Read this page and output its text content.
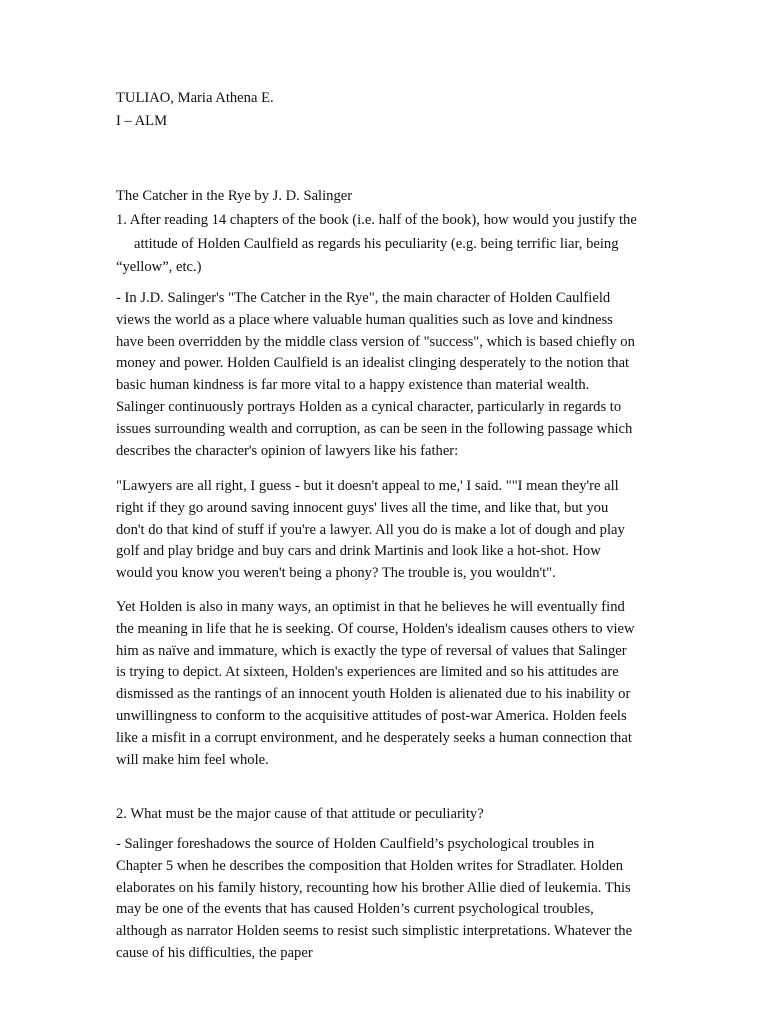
TULIAO, Maria Athena E.
I – ALM
The Catcher in the Rye by J. D. Salinger
1. After reading 14 chapters of the book (i.e. half of the book), how would you justify the
attitude of Holden Caulfield as regards his peculiarity (e.g. being terrific liar, being
“yellow”, etc.)
- In J.D. Salinger's "The Catcher in the Rye", the main character of Holden Caulfield views the world as a place where valuable human qualities such as love and kindness have been overridden by the middle class version of "success", which is based chiefly on money and power. Holden Caulfield is an idealist clinging desperately to the notion that basic human kindness is far more vital to a happy existence than material wealth. Salinger continuously portrays Holden as a cynical character, particularly in regards to issues surrounding wealth and corruption, as can be seen in the following passage which describes the character's opinion of lawyers like his father:
"Lawyers are all right, I guess - but it doesn't appeal to me,' I said. ""I mean they're all right if they go around saving innocent guys' lives all the time, and like that, but you don't do that kind of stuff if you're a lawyer. All you do is make a lot of dough and play golf and play bridge and buy cars and drink Martinis and look like a hot-shot. How would you know you weren't being a phony? The trouble is, you wouldn't".
Yet Holden is also in many ways, an optimist in that he believes he will eventually find the meaning in life that he is seeking. Of course, Holden's idealism causes others to view him as naïve and immature, which is exactly the type of reversal of values that Salinger is trying to depict. At sixteen, Holden's experiences are limited and so his attitudes are dismissed as the rantings of an innocent youth Holden is alienated due to his inability or unwillingness to conform to the acquisitive attitudes of post-war America. Holden feels like a misfit in a corrupt environment, and he desperately seeks a human connection that will make him feel whole.
2. What must be the major cause of that attitude or peculiarity?
- Salinger foreshadows the source of Holden Caulfield’s psychological troubles in Chapter 5 when he describes the composition that Holden writes for Stradlater. Holden elaborates on his family history, recounting how his brother Allie died of leukemia. This may be one of the events that has caused Holden’s current psychological troubles, although as narrator Holden seems to resist such simplistic interpretations. Whatever the cause of his difficulties, the paper
